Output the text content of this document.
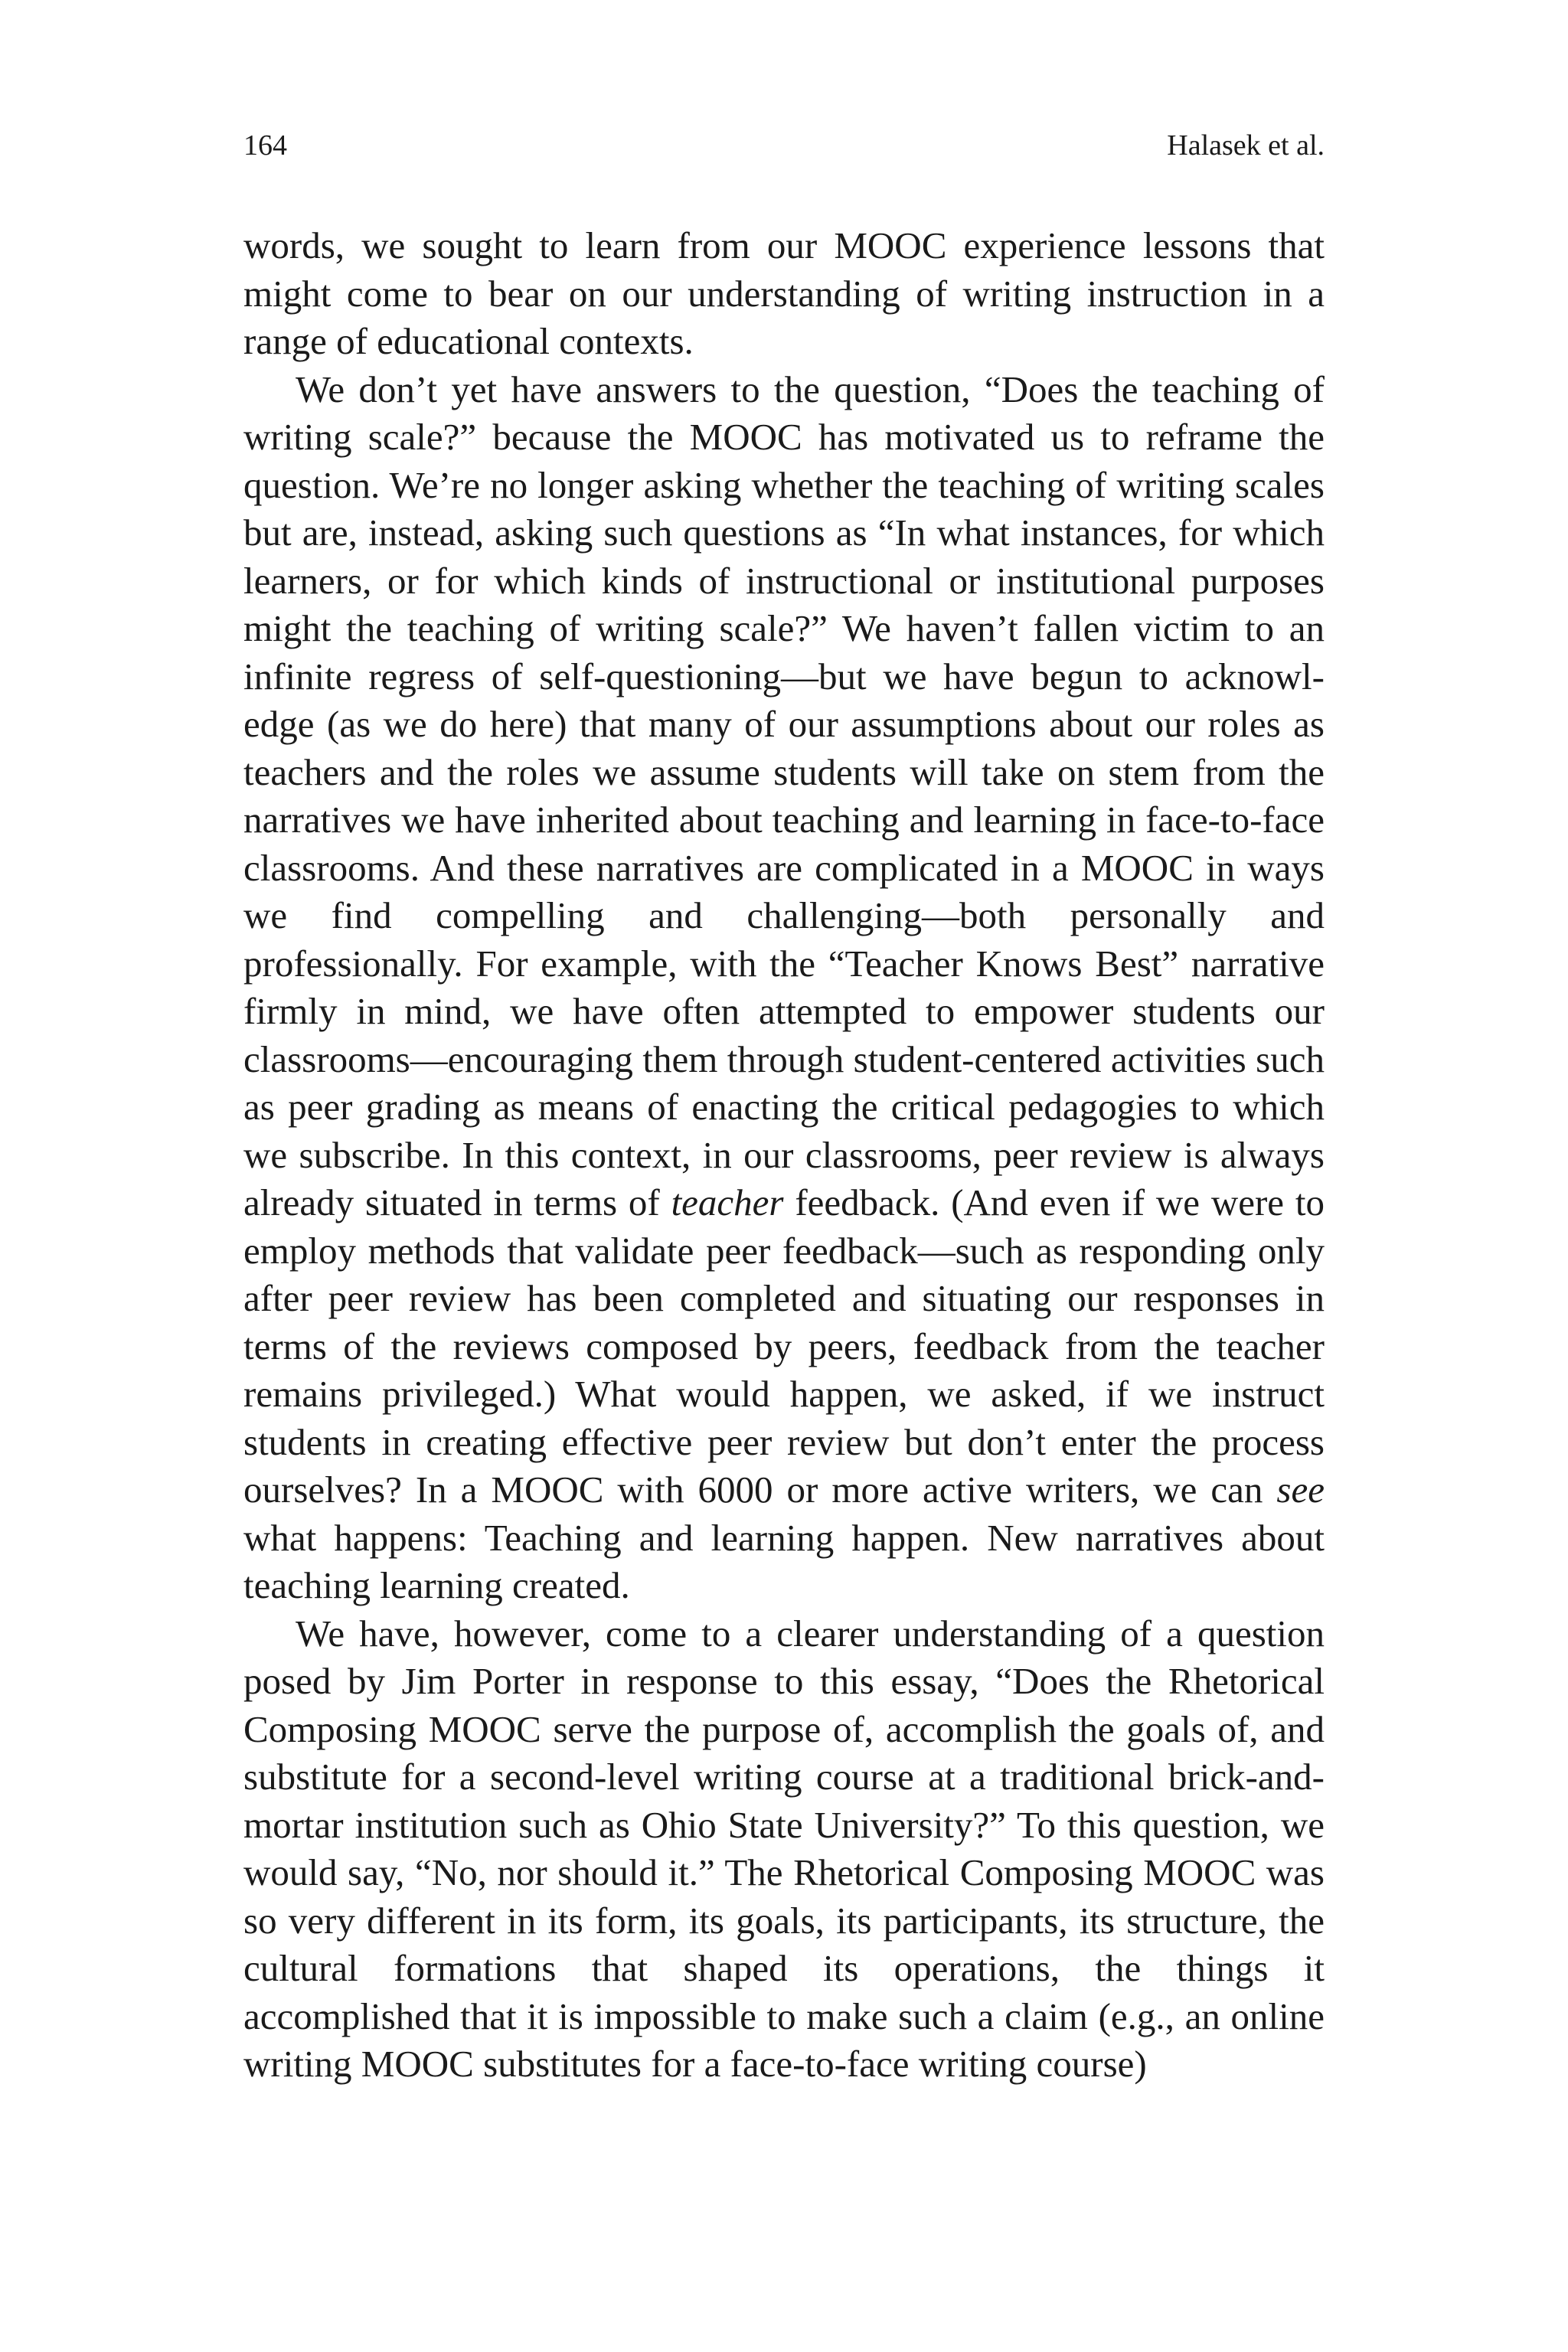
164	Halasek et al.

words, we sought to learn from our MOOC experience lessons that might come to bear on our understanding of writing instruction in a range of educational contexts.

We don’t yet have answers to the question, “Does the teaching of writing scale?” because the MOOC has motivated us to reframe the question. We’re no longer asking whether the teaching of writing scales but are, instead, asking such questions as “In what instances, for which learners, or for which kinds of instructional or institutional purposes might the teaching of writing scale?” We haven’t fallen victim to an infinite regress of self-questioning—but we have begun to acknowledge (as we do here) that many of our assumptions about our roles as teachers and the roles we assume students will take on stem from the narratives we have inherited about teaching and learning in face-to-face classrooms. And these narratives are complicated in a MOOC in ways we find compelling and challenging—both personally and professionally. For example, with the “Teacher Knows Best” narrative firmly in mind, we have often attempted to empower students our classrooms—encouraging them through student-centered activities such as peer grading as means of enacting the critical pedagogies to which we subscribe. In this context, in our classrooms, peer review is always already situated in terms of teacher feedback. (And even if we were to employ methods that validate peer feedback—such as responding only after peer review has been completed and situating our responses in terms of the reviews composed by peers, feedback from the teacher remains privileged.) What would happen, we asked, if we instruct students in creating effective peer review but don’t enter the process ourselves? In a MOOC with 6000 or more active writers, we can see what happens: Teaching and learning happen. New narratives about teaching learning created.

We have, however, come to a clearer understanding of a question posed by Jim Porter in response to this essay, “Does the Rhetorical Composing MOOC serve the purpose of, accomplish the goals of, and substitute for a second-level writing course at a traditional brick-and-mortar institution such as Ohio State University?” To this question, we would say, “No, nor should it.” The Rhetorical Composing MOOC was so very different in its form, its goals, its participants, its structure, the cultural formations that shaped its operations, the things it accomplished that it is impossible to make such a claim (e.g., an online writing MOOC substitutes for a face-to-face writing course)
